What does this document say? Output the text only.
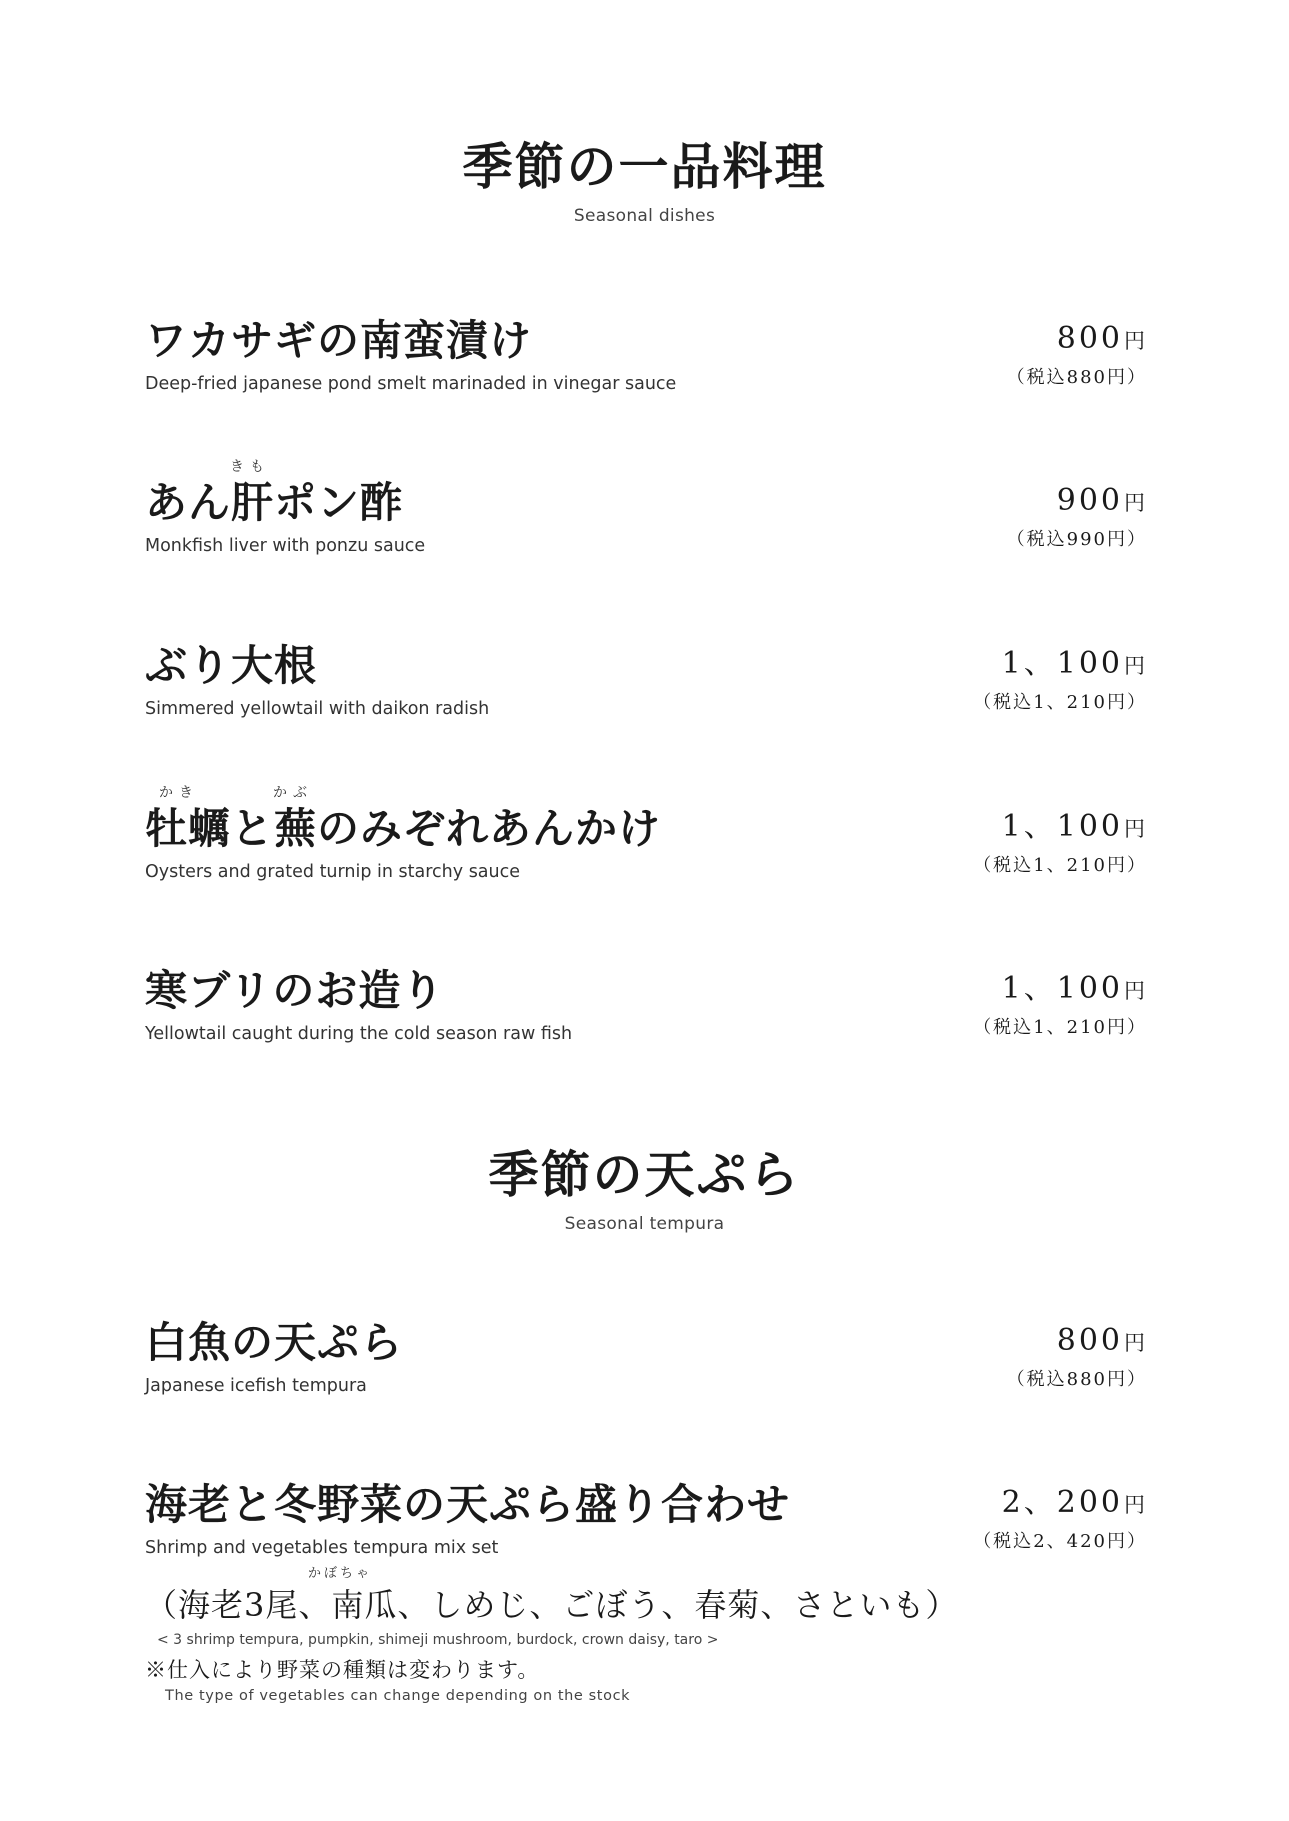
季節の一品料理
Seasonal dishes
ワカサギの南蛮漬け
Deep-fried japanese pond smelt marinaded in vinegar sauce
800円
（税込880円）
きも
あん肝ポン酢
Monkfish liver with ponzu sauce
900円
（税込990円）
ぶり大根
Simmered yellowtail with daikon radish
1、100円
（税込1、210円）
かき	かぶ
牡蠣と蕪のみぞれあんかけ
Oysters and grated turnip in starchy sauce
1、100円
（税込1、210円）
寒ブリのお造り
Yellowtail caught during the cold season raw fish
1、100円
（税込1、210円）
季節の天ぷら
Seasonal tempura
白魚の天ぷら
Japanese icefish tempura
800円
（税込880円）
海老と冬野菜の天ぷら盛り合わせ
Shrimp and vegetables tempura mix set
かぼちゃ
（海老3尾、南瓜、しめじ、ごぼう、春菊、さといも）
< 3 shrimp tempura, pumpkin, shimeji mushroom, burdock, crown daisy, taro >
※仕入により野菜の種類は変わります。
The type of vegetables can change depending on the stock
2、200円
（税込2、420円）
